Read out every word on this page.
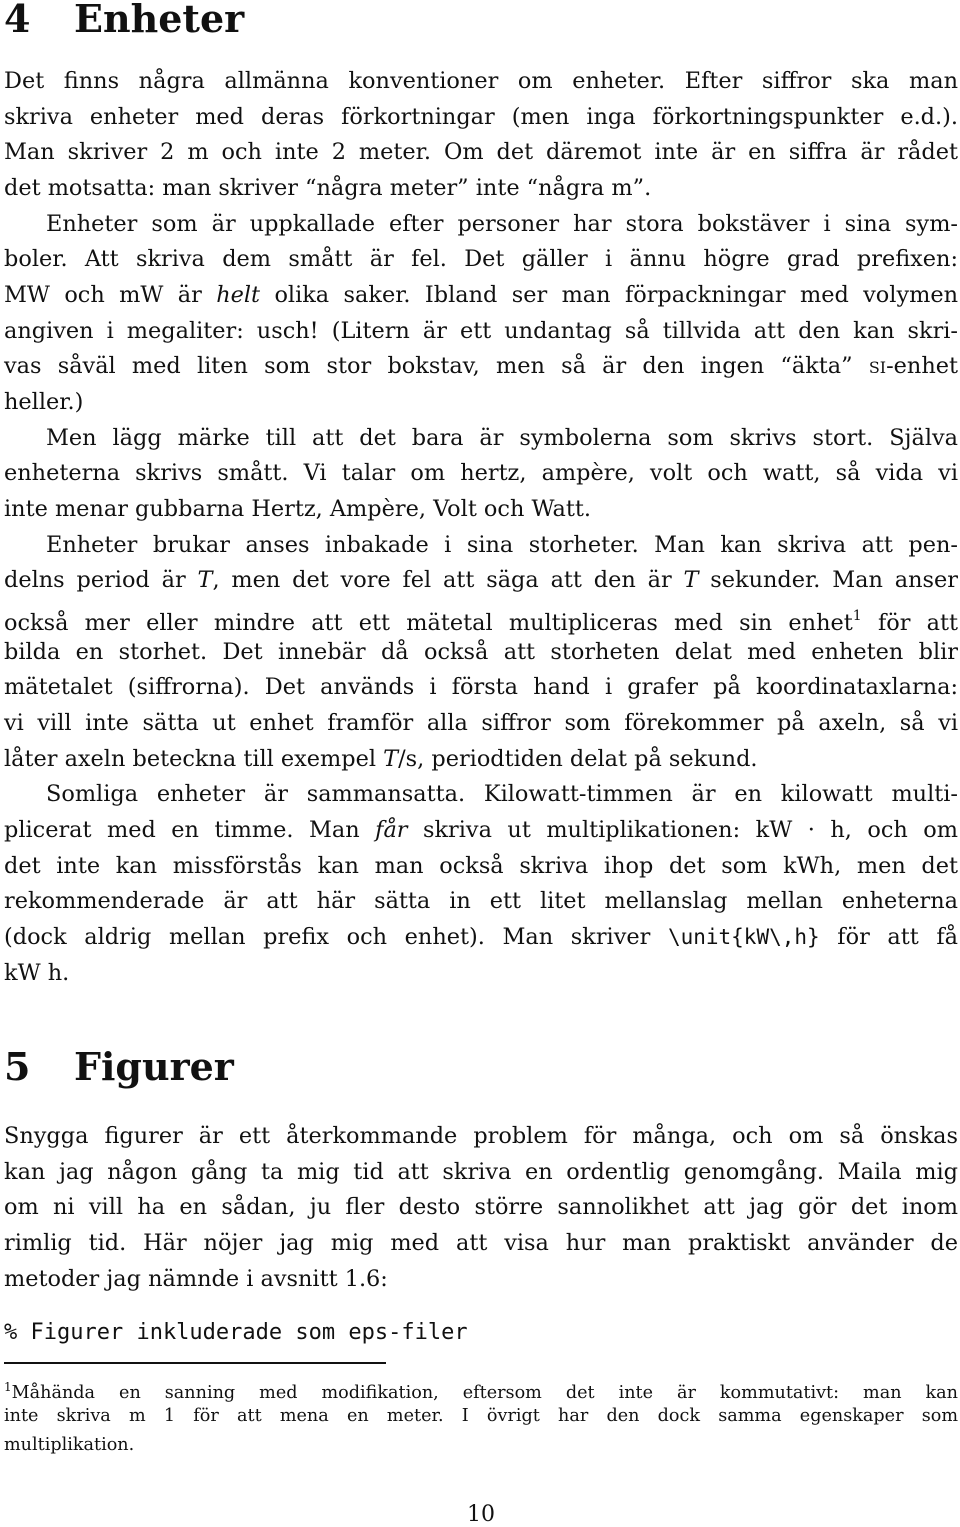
4 Enheter
Det finns några allmänna konventioner om enheter. Efter siffror ska man
skriva enheter med deras förkortningar (men inga förkortningspunkter e.d.).
Man skriver 2 m och inte 2 meter. Om det däremot inte är en siffra är rådet
det motsatta: man skriver “några meter” inte “några m”.
Enheter som är uppkallade efter personer har stora bokstäver i sina sym-
boler. Att skriva dem smått är fel. Det gäller i ännu högre grad prefixen:
MW och mW är helt olika saker. Ibland ser man förpackningar med volymen
angiven i megaliter: usch! (Litern är ett undantag så tillvida att den kan skri-
vas såväl med liten som stor bokstav, men så är den ingen “äkta” si-enhet
heller.)
Men lägg märke till att det bara är symbolerna som skrivs stort. Själva
enheterna skrivs smått. Vi talar om hertz, ampère, volt och watt, så vida vi
inte menar gubbarna Hertz, Ampère, Volt och Watt.
Enheter brukar anses inbakade i sina storheter. Man kan skriva att pen-
delns period är T, men det vore fel att säga att den är T sekunder. Man anser
också mer eller mindre att ett mätetal multipliceras med sin enhet$^1$ för att
bilda en storhet. Det innebär då också att storheten delat med enheten blir
mätetalet (siffrorna). Det används i första hand i grafer på koordinataxlarna:
vi vill inte sätta ut enhet framför alla siffror som förekommer på axeln, så vi
låter axeln beteckna till exempel T/s, periodtiden delat på sekund.
Somliga enheter är sammansatta. Kilowatt-timmen är en kilowatt multi-
plicerat med en timme. Man får skriva ut multiplikationen: kW · h, och om
det inte kan missförstås kan man också skriva ihop det som kWh, men det
rekommenderade är att här sätta in ett litet mellanslag mellan enheterna
(dock aldrig mellan prefix och enhet). Man skriver \unit{kW\,h} för att få
kW h.
5 Figurer
Snygga figurer är ett återkommande problem för många, och om så önskas
kan jag någon gång ta mig tid att skriva en ordentlig genomgång. Maila mig
om ni vill ha en sådan, ju fler desto större sannolikhet att jag gör det inom
rimlig tid. Här nöjer jag mig med att visa hur man praktiskt använder de
metoder jag nämnde i avsnitt 1.6:
% Figurer inkluderade som eps-filer
$^1$Måhända en sanning med modifikation, eftersom det inte är kommutativt: man kan
inte skriva m 1 för att mena en meter. I övrigt har den dock samma egenskaper som
multiplikation.
10
